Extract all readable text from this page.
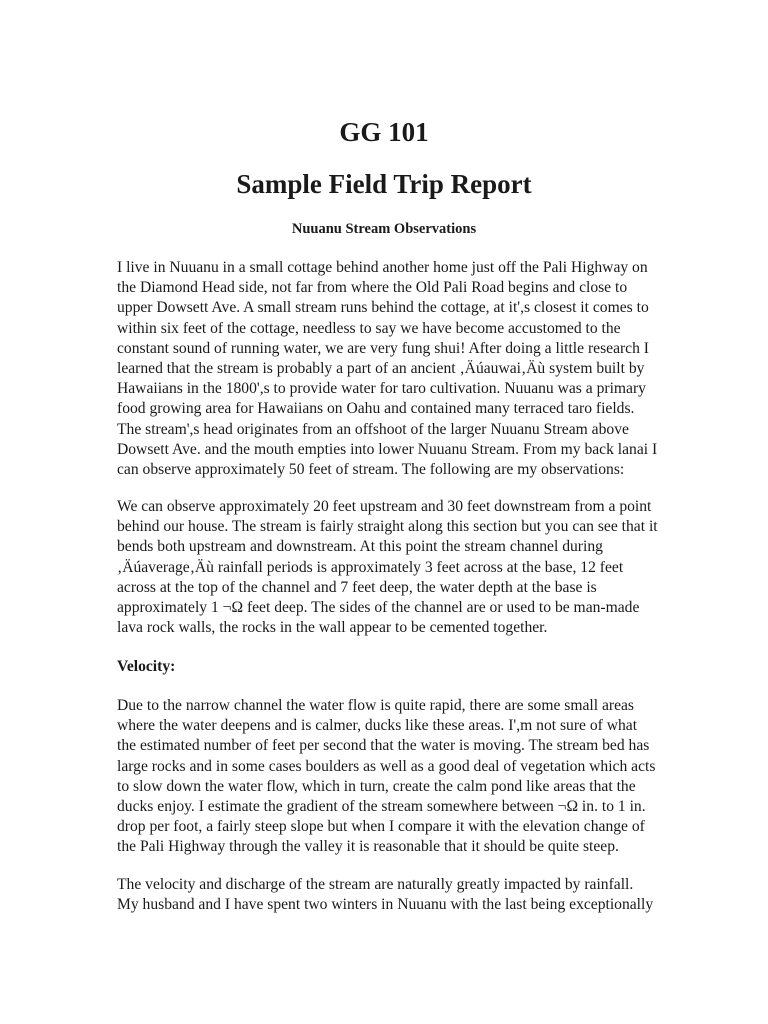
GG 101
Sample Field Trip Report
Nuuanu Stream Observations

I live in Nuuanu in a small cottage behind another home just off the Pali Highway on
the Diamond Head side, not far from where the Old Pali Road begins and close to
upper Dowsett Ave. A small stream runs behind the cottage, at it',s closest it comes to
within six feet of the cottage, needless to say we have become accustomed to the
constant sound of running water, we are very fung shui! After doing a little research I
learned that the stream is probably a part of an ancient ‚Äúauwai‚Äù system built by
Hawaiians in the 1800',s to provide water for taro cultivation. Nuuanu was a primary
food growing area for Hawaiians on Oahu and contained many terraced taro fields.
The stream',s head originates from an offshoot of the larger Nuuanu Stream above
Dowsett Ave. and the mouth empties into lower Nuuanu Stream. From my back lanai I
can observe approximately 50 feet of stream. The following are my observations:

We can observe approximately 20 feet upstream and 30 feet downstream from a point
behind our house. The stream is fairly straight along this section but you can see that it
bends both upstream and downstream. At this point the stream channel during
‚Äúaverage‚Äù rainfall periods is approximately 3 feet across at the base, 12 feet
across at the top of the channel and 7 feet deep, the water depth at the base is
approximately 1 ¬Ω feet deep. The sides of the channel are or used to be man-made
lava rock walls, the rocks in the wall appear to be cemented together.

Velocity:

Due to the narrow channel the water flow is quite rapid, there are some small areas
where the water deepens and is calmer, ducks like these areas. I',m not sure of what
the estimated number of feet per second that the water is moving. The stream bed has
large rocks and in some cases boulders as well as a good deal of vegetation which acts
to slow down the water flow, which in turn, create the calm pond like areas that the
ducks enjoy. I estimate the gradient of the stream somewhere between ¬Ω in. to 1 in.
drop per foot, a fairly steep slope but when I compare it with the elevation change of
the Pali Highway through the valley it is reasonable that it should be quite steep.

The velocity and discharge of the stream are naturally greatly impacted by rainfall.
My husband and I have spent two winters in Nuuanu with the last being exceptionally
